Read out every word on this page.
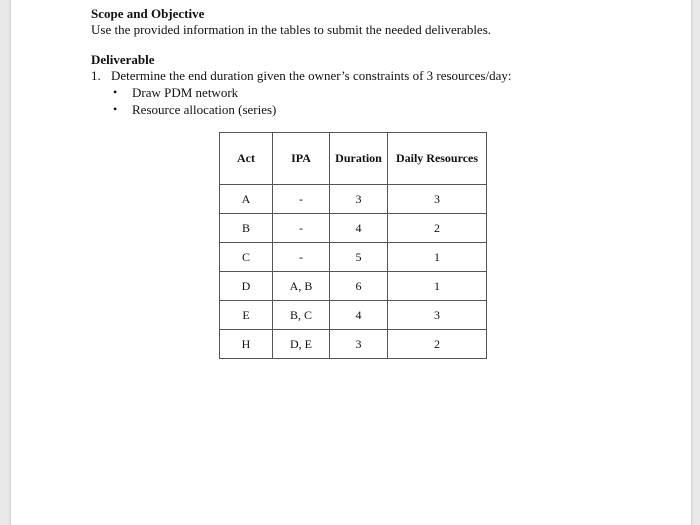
Scope and Objective
Use the provided information in the tables to submit the needed deliverables.
Deliverable
1. Determine the end duration given the owner’s constraints of 3 resources/day:
•	Draw PDM network
•	Resource allocation (series)
Act	IPA	Duration	Daily Resources
A	-	3	3
B	-	4	2
C	-	5	1
D	A, B	6	1
E	B, C	4	3
H	D, E	3	2
